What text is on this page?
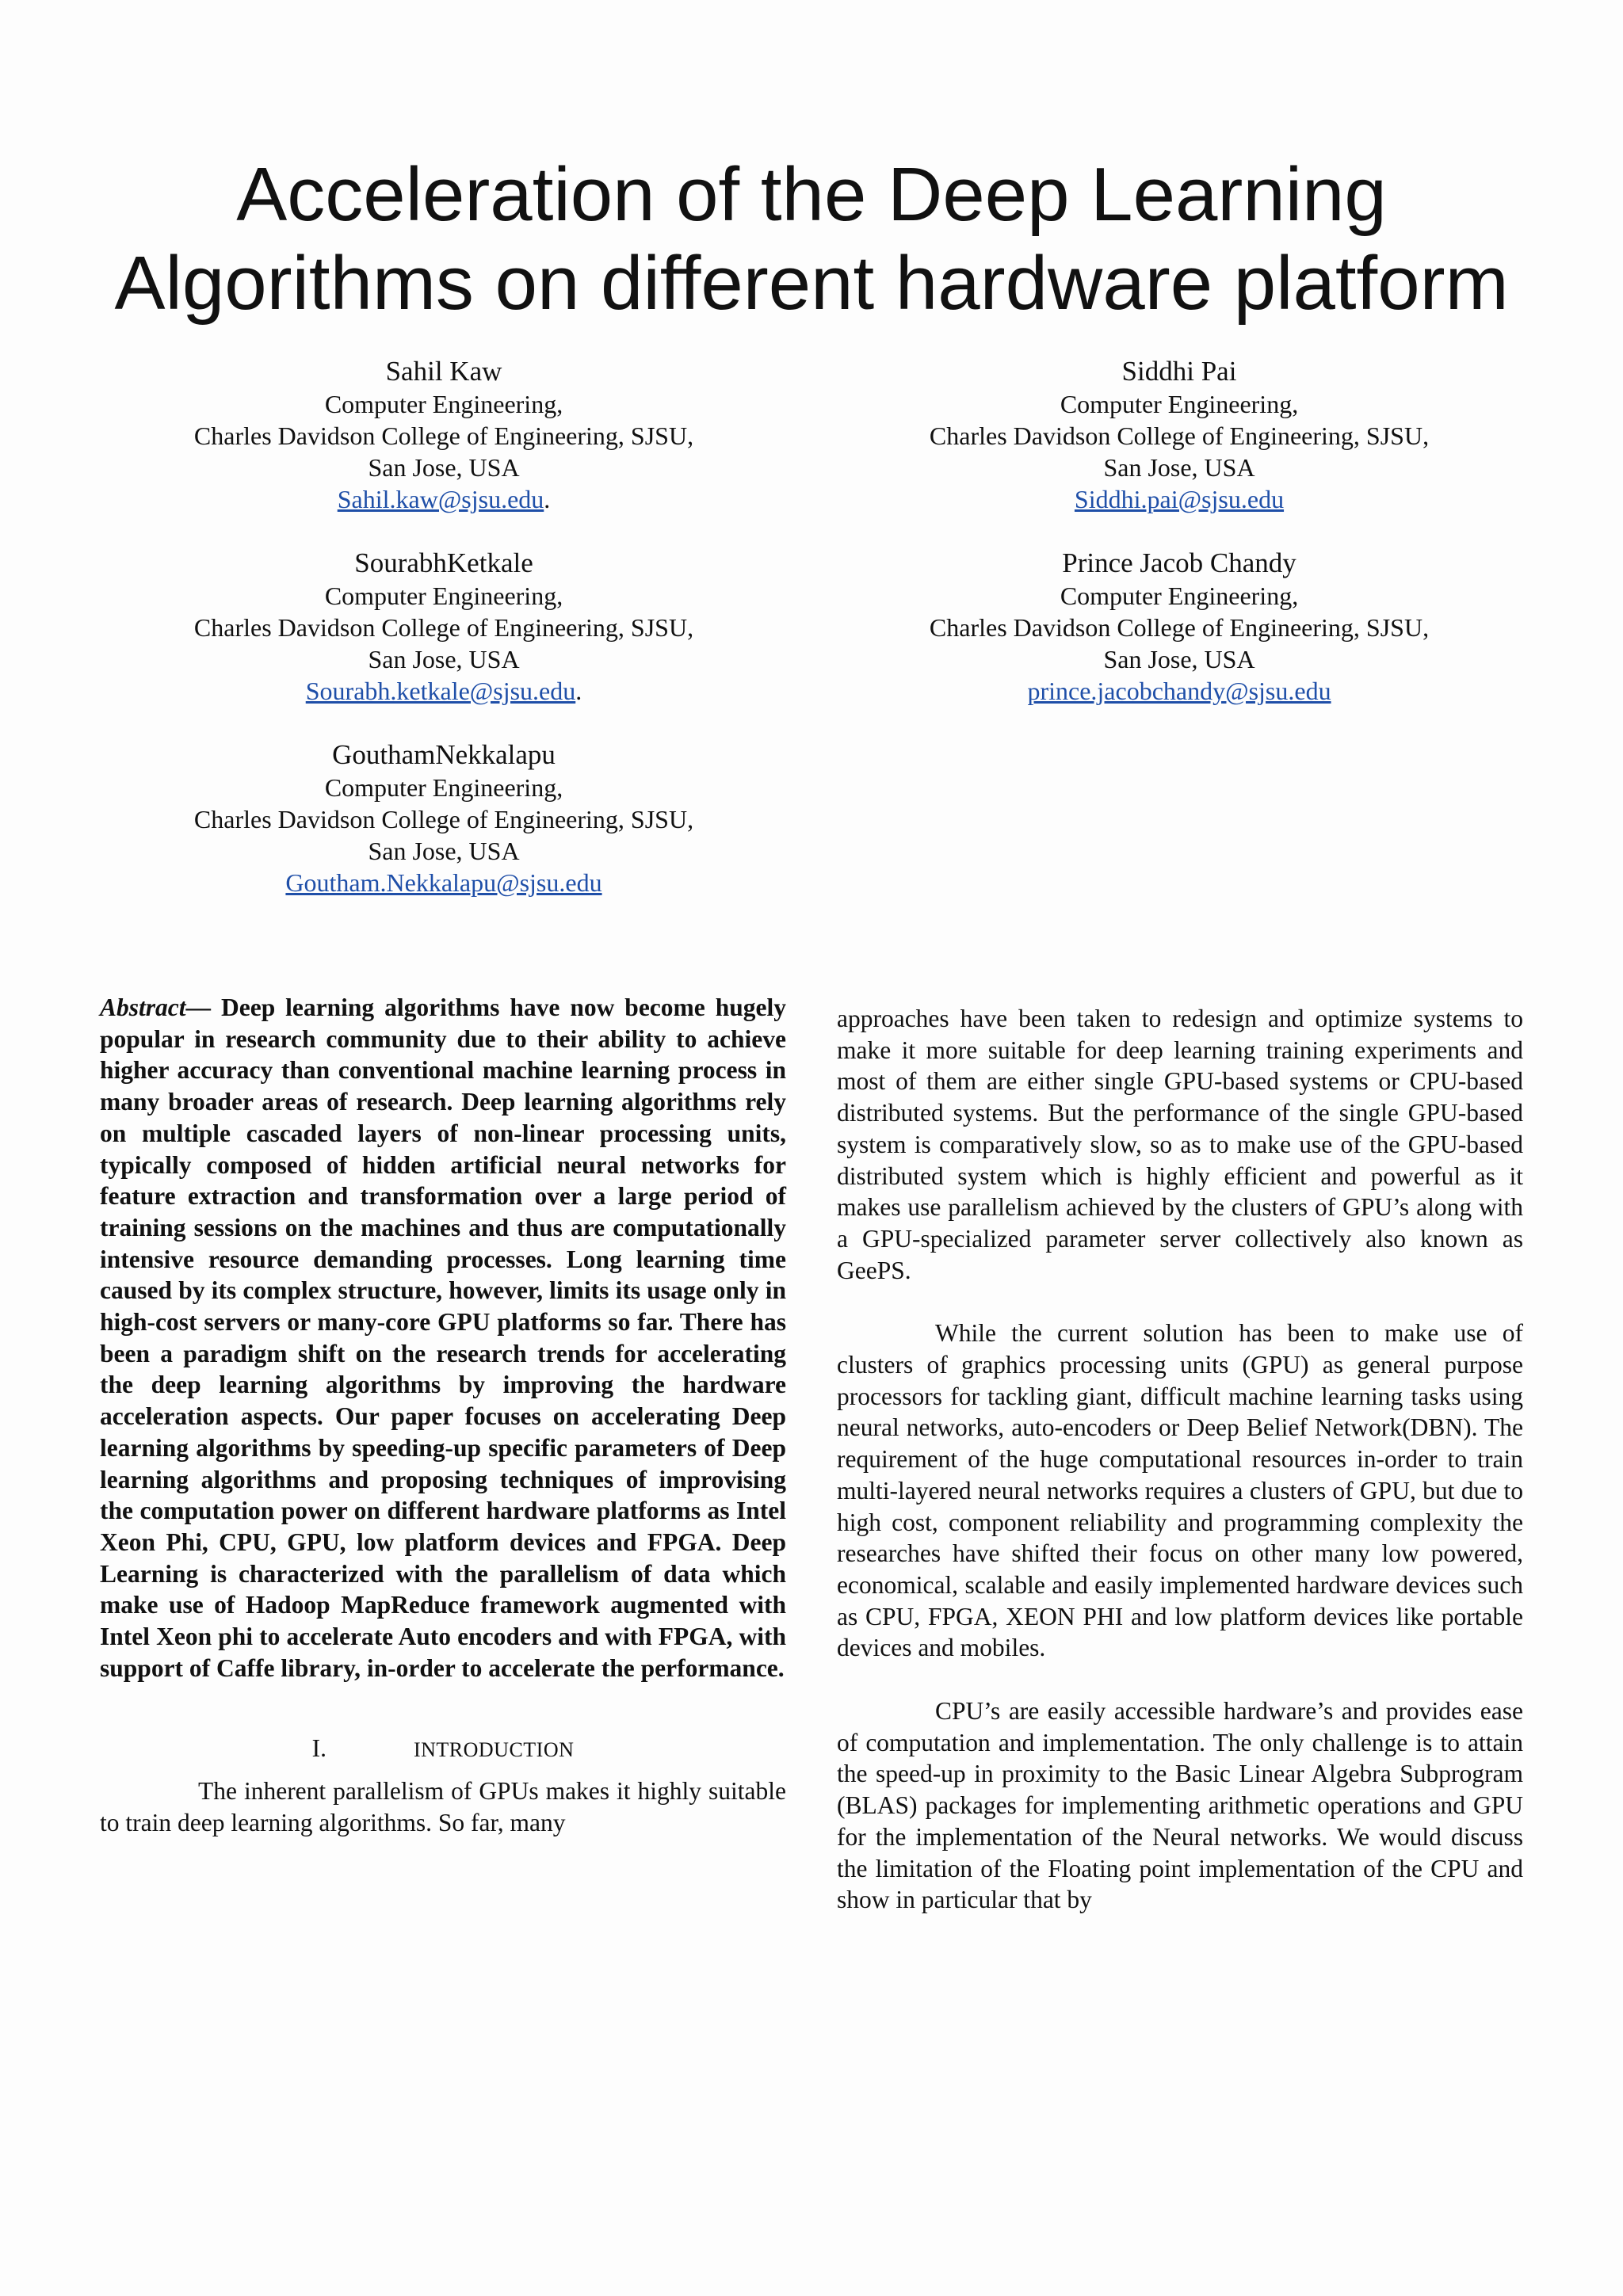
Acceleration of the Deep Learning
Algorithms on different hardware platform
Sahil Kaw
Computer Engineering,
Charles Davidson College of Engineering, SJSU,
San Jose, USA
Sahil.kaw@sjsu.edu.
Siddhi Pai
Computer Engineering,
Charles Davidson College of Engineering, SJSU,
San Jose, USA
Siddhi.pai@sjsu.edu
SourabhKetkale
Computer Engineering,
Charles Davidson College of Engineering, SJSU,
San Jose, USA
Sourabh.ketkale@sjsu.edu.
Prince Jacob Chandy
Computer Engineering,
Charles Davidson College of Engineering, SJSU,
San Jose, USA
prince.jacobchandy@sjsu.edu
GouthamNekkalapu
Computer Engineering,
Charles Davidson College of Engineering, SJSU,
San Jose, USA
Goutham.Nekkalapu@sjsu.edu

Abstract— Deep learning algorithms have now become hugely popular in research community due to their ability to achieve higher accuracy than conventional machine learning process in many broader areas of research. Deep learning algorithms rely on multiple cascaded layers of non-linear processing units, typically composed of hidden artificial neural networks for feature extraction and transformation over a large period of training sessions on the machines and thus are computationally intensive resource demanding processes. Long learning time caused by its complex structure, however, limits its usage only in high-cost servers or many-core GPU platforms so far. There has been a paradigm shift on the research trends for accelerating the deep learning algorithms by improving the hardware acceleration aspects. Our paper focuses on accelerating Deep learning algorithms by speeding-up specific parameters of Deep learning algorithms and proposing techniques of improvising the computation power on different hardware platforms as Intel Xeon Phi, CPU, GPU, low platform devices and FPGA. Deep Learning is characterized with the parallelism of data which make use of Hadoop MapReduce framework augmented with Intel Xeon phi to accelerate Auto encoders and with FPGA, with support of Caffe library, in-order to accelerate the performance.

I.	INTRODUCTION

The inherent parallelism of GPUs makes it highly suitable to train deep learning algorithms. So far, many

approaches have been taken to redesign and optimize systems to make it more suitable for deep learning training experiments and most of them are either single GPU-based systems or CPU-based distributed systems. But the performance of the single GPU-based system is comparatively slow, so as to make use of the GPU-based distributed system which is highly efficient and powerful as it makes use parallelism achieved by the clusters of GPU’s along with a GPU-specialized parameter server collectively also known as GeePS.

While the current solution has been to make use of clusters of graphics processing units (GPU) as general purpose processors for tackling giant, difficult machine learning tasks using neural networks, auto-encoders or Deep Belief Network(DBN). The requirement of the huge computational resources in-order to train multi-layered neural networks requires a clusters of GPU, but due to high cost, component reliability and programming complexity the researches have shifted their focus on other many low powered, economical, scalable and easily implemented hardware devices such as CPU, FPGA, XEON PHI and low platform devices like portable devices and mobiles.

CPU’s are easily accessible hardware’s and provides ease of computation and implementation. The only challenge is to attain the speed-up in proximity to the Basic Linear Algebra Subprogram (BLAS) packages for implementing arithmetic operations and GPU for the implementation of the Neural networks. We would discuss the limitation of the Floating point implementation of the CPU and show in particular that by
